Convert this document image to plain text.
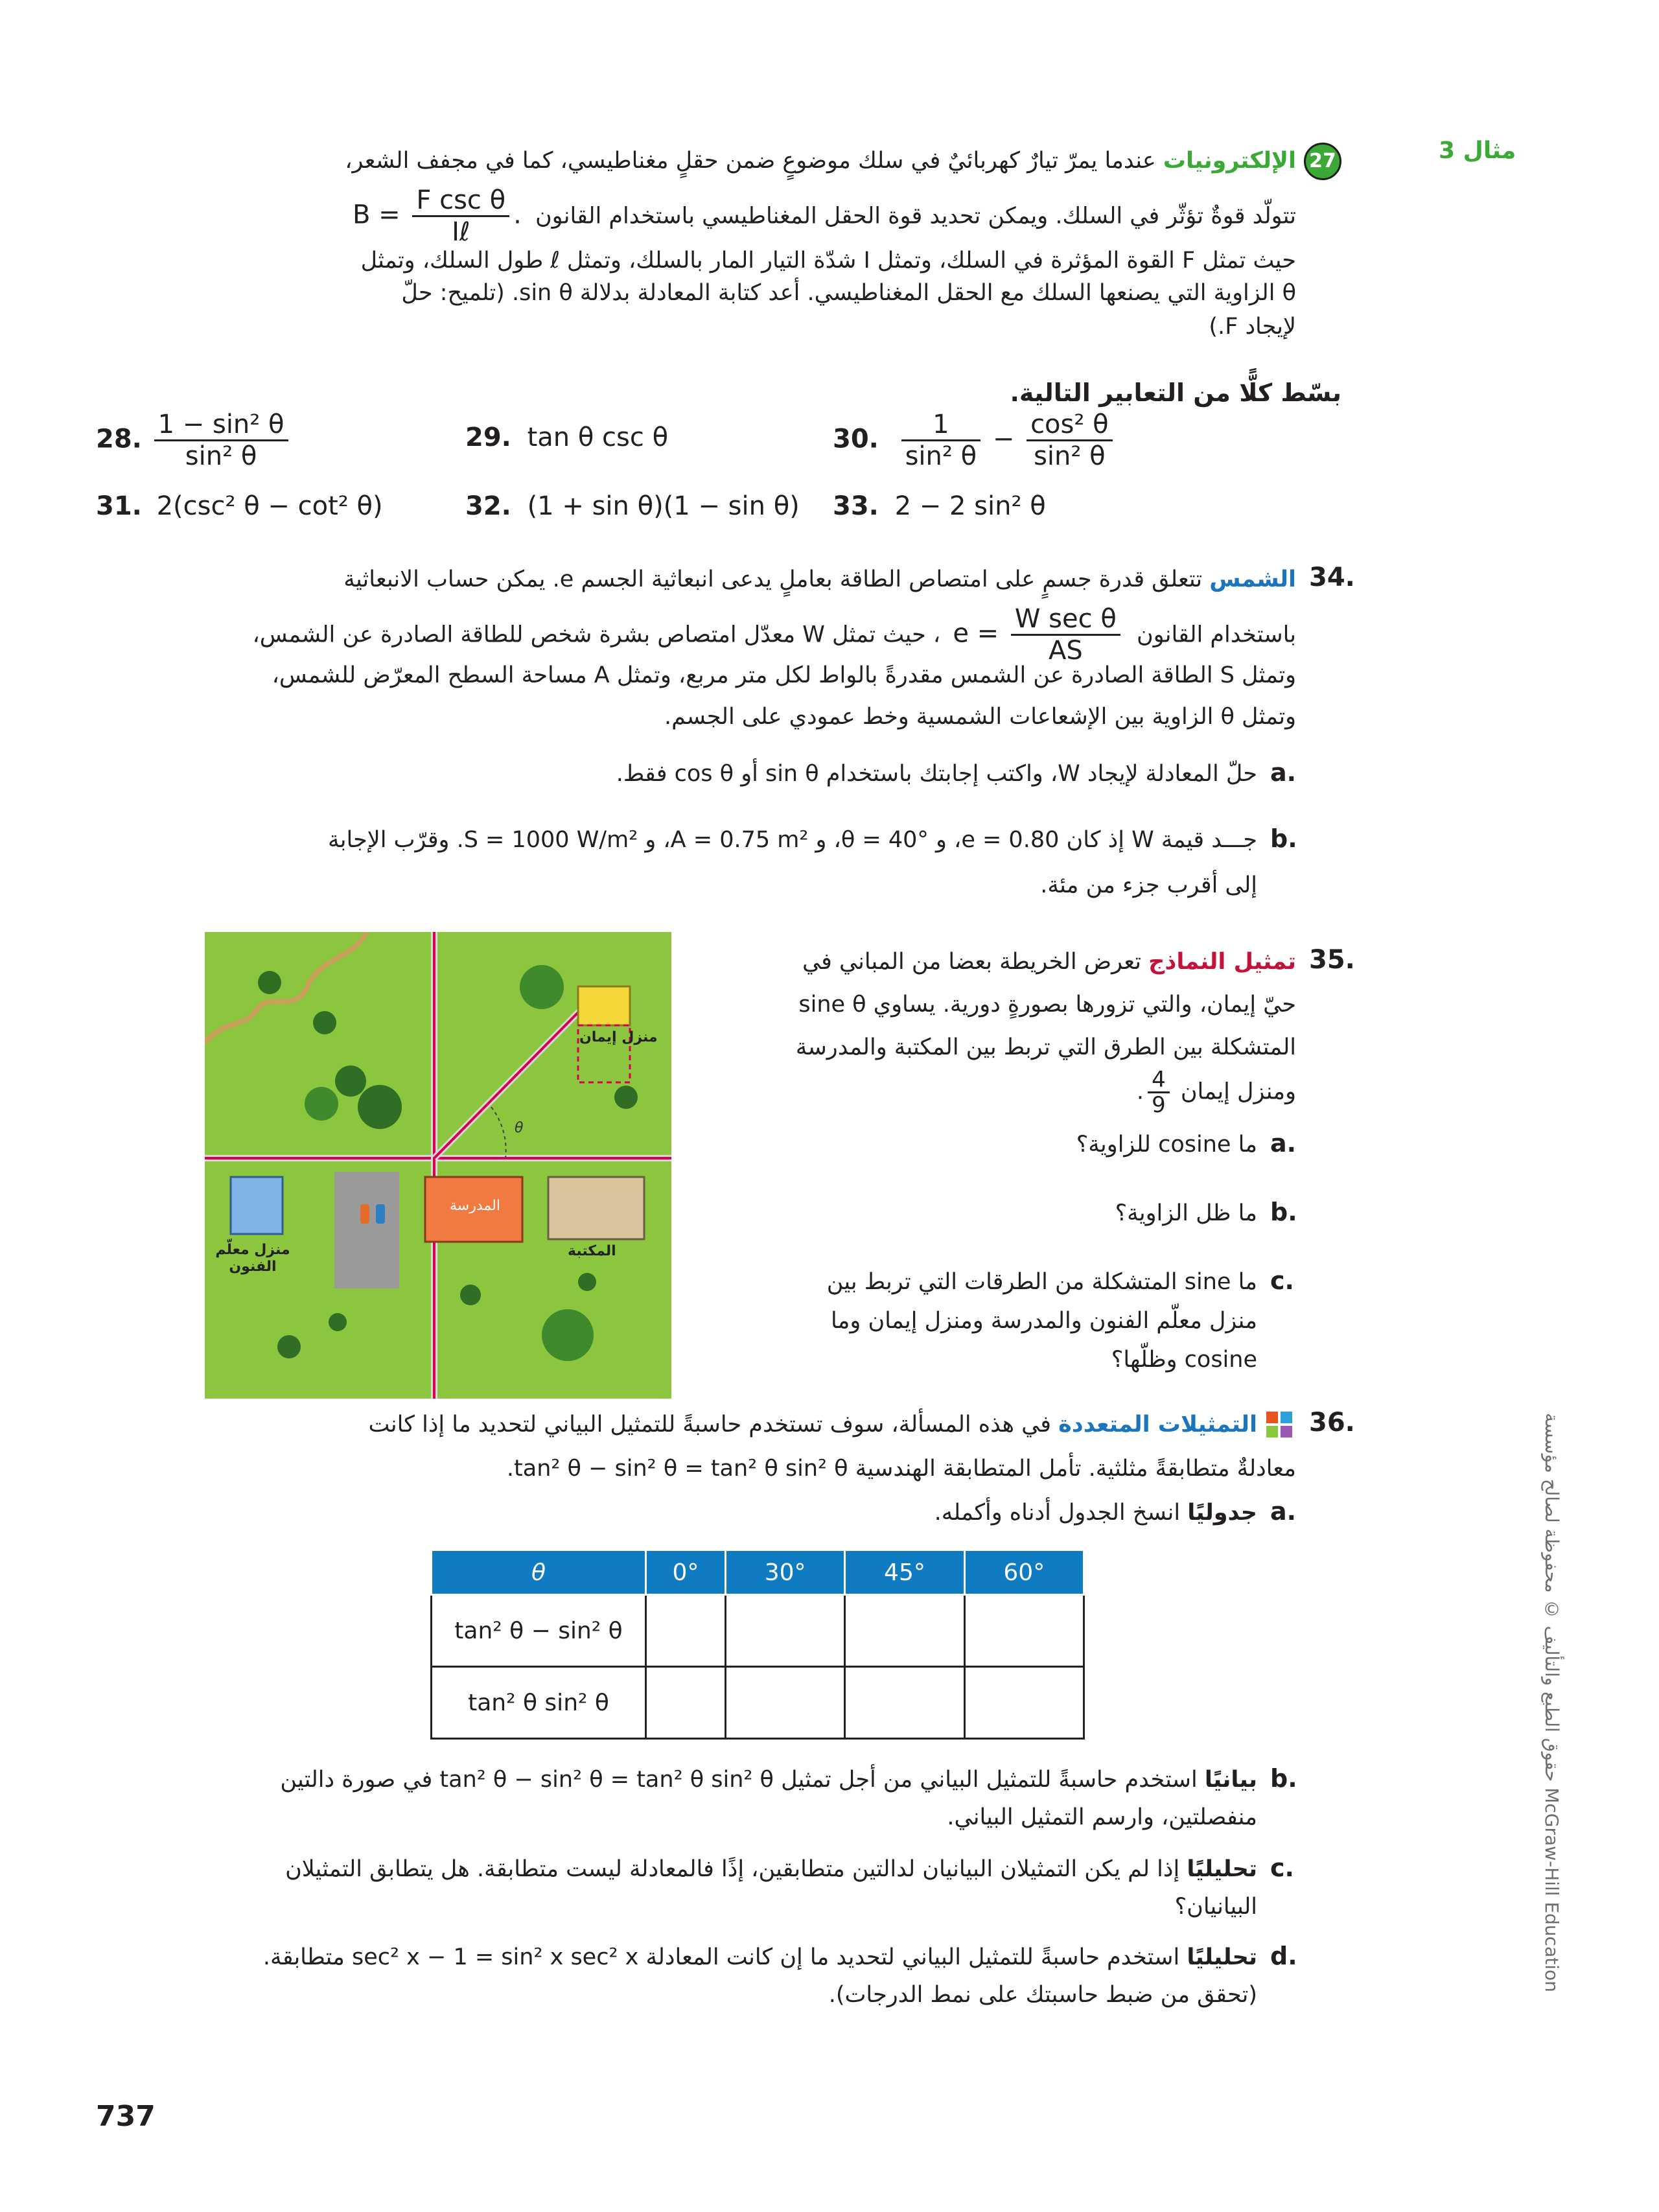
مثال 3
27
الإلكترونيات عندما يمرّ تيارٌ كهربائيٌ في سلك موضوعٍ ضمن حقلٍ مغناطيسي، كما في مجفف الشعر،
تتولّد قوةٌ تؤثّر في السلك. ويمكن تحديد قوة الحقل المغناطيسي باستخدام القانون $B = \frac{\text{F csc θ}}{\text{Iℓ}}$ .
حيث تمثل F القوة المؤثرة في السلك، وتمثل I شدّة التيار المار بالسلك، وتمثل ℓ طول السلك، وتمثل
θ الزاوية التي يصنعها السلك مع الحقل المغناطيسي. أعد كتابة المعادلة بدلالة sin θ. (تلميح: حلّ
لإيجاد F.)
بسّط كلًّا من التعابير التالية.
28. $\frac{\text{1 − sin² θ}}{\text{sin² θ}}$	29. tan θ csc θ	30. $\frac{1}{\text{sin² θ}} - \frac{\text{cos² θ}}{\text{sin² θ}}$
31. 2(csc² θ − cot² θ)	32. (1 + sin θ)(1 − sin θ) 33. 2 − 2 sin² θ
34.
الشمس تتعلق قدرة جسمٍ على امتصاص الطاقة بعاملٍ يدعى انبعاثية الجسم e. يمكن حساب الانبعاثية
باستخدام القانون $e = \frac{\text{W sec θ}}{AS}$
، حيث تمثل W معدّل امتصاص بشرة شخص للطاقة الصادرة عن الشمس،
وتمثل S الطاقة الصادرة عن الشمس مقدرةً بالواط لكل متر مربع، وتمثل A مساحة السطح المعرّض للشمس،
وتمثل θ الزاوية بين الإشعاعات الشمسية وخط عمودي على الجسم.
a.
حلّ المعادلة لإيجاد W، واكتب إجابتك باستخدام sin θ أو cos θ فقط.
b.
جـــد قيمة W إذ كان e = 0.80، و θ = 40°، و A = 0.75 m²، و S = 1000 W/m². وقرّب الإجابة
إلى أقرب جزء من مئة.
منزل إيمان
المدرسة
المكتبة
منزل معلّم الفنون
θ
35.
تمثيل النماذج تعرض الخريطة بعضا من المباني في
حيّ إيمان، والتي تزورها بصورةٍ دورية. يساوي sine θ
المتشكلة بين الطرق التي تربط بين المكتبة والمدرسة
ومنزل إيمان
$\frac{4}{9}$
.
a.
ما cosine للزاوية؟
b.
ما ظل الزاوية؟
c.
ما sine المتشكلة من الطرقات التي تربط بين
منزل معلّم الفنون والمدرسة ومنزل إيمان وما
cosine وظلّها؟
36.
التمثيلات المتعددة في هذه المسألة، سوف تستخدم حاسبةً للتمثيل البياني لتحديد ما إذا كانت
معادلةٌ متطابقةً مثلثية. تأمل المتطابقة الهندسية tan² θ − sin² θ = tan² θ sin² θ.
a.
جدوليًا انسخ الجدول أدناه وأكمله.
θ	0°	30°	45°	60°
tan² θ − sin² θ				
tan² θ sin² θ				
b.
بيانيًا استخدم حاسبةً للتمثيل البياني من أجل تمثيل tan² θ − sin² θ = tan² θ sin² θ في صورة دالتين
منفصلتين، وارسم التمثيل البياني.
c.
تحليليًا إذا لم يكن التمثيلان البيانيان لدالتين متطابقين، إذًا فالمعادلة ليست متطابقة. هل يتطابق التمثيلان
البيانيان؟
d.
تحليليًا استخدم حاسبةً للتمثيل البياني لتحديد ما إن كانت المعادلة sec² x − 1 = sin² x sec² x متطابقة.
(تحقق من ضبط حاسبتك على نمط الدرجات).
737
حقوق الطبع والتأليف © محفوظة لصالح مؤسسة McGraw-Hill Education
